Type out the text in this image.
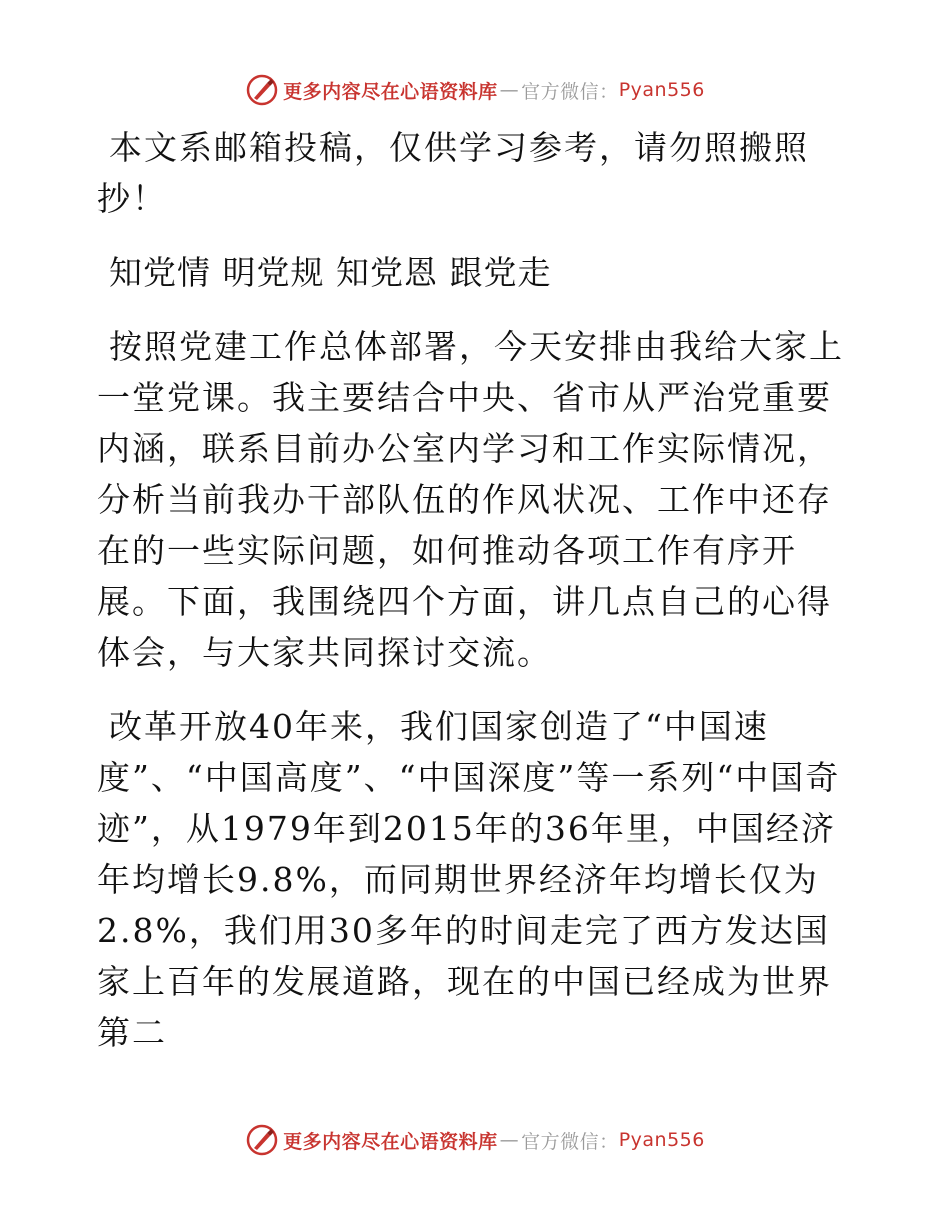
更多内容尽在心语资料库 — 官方微信： Pyan556

本文系邮箱投稿，仅供学习参考，请勿照搬照抄！

知党情 明党规 知党恩 跟党走

按照党建工作总体部署，今天安排由我给大家上一堂党课。我主要结合中央、省市从严治党重要内涵，联系目前办公室内学习和工作实际情况，分析当前我办干部队伍的作风状况、工作中还存在的一些实际问题，如何推动各项工作有序开展。下面，我围绕四个方面，讲几点自己的心得体会，与大家共同探讨交流。

改革开放40年来，我们国家创造了“中国速度”、“中国高度”、“中国深度”等一系列“中国奇迹”，从1979年到2015年的36年里，中国经济年均增长9.8%，而同期世界经济年均增长仅为2.8%，我们用30多年的时间走完了西方发达国家上百年的发展道路，现在的中国已经成为世界第二

更多内容尽在心语资料库 — 官方微信： Pyan556
